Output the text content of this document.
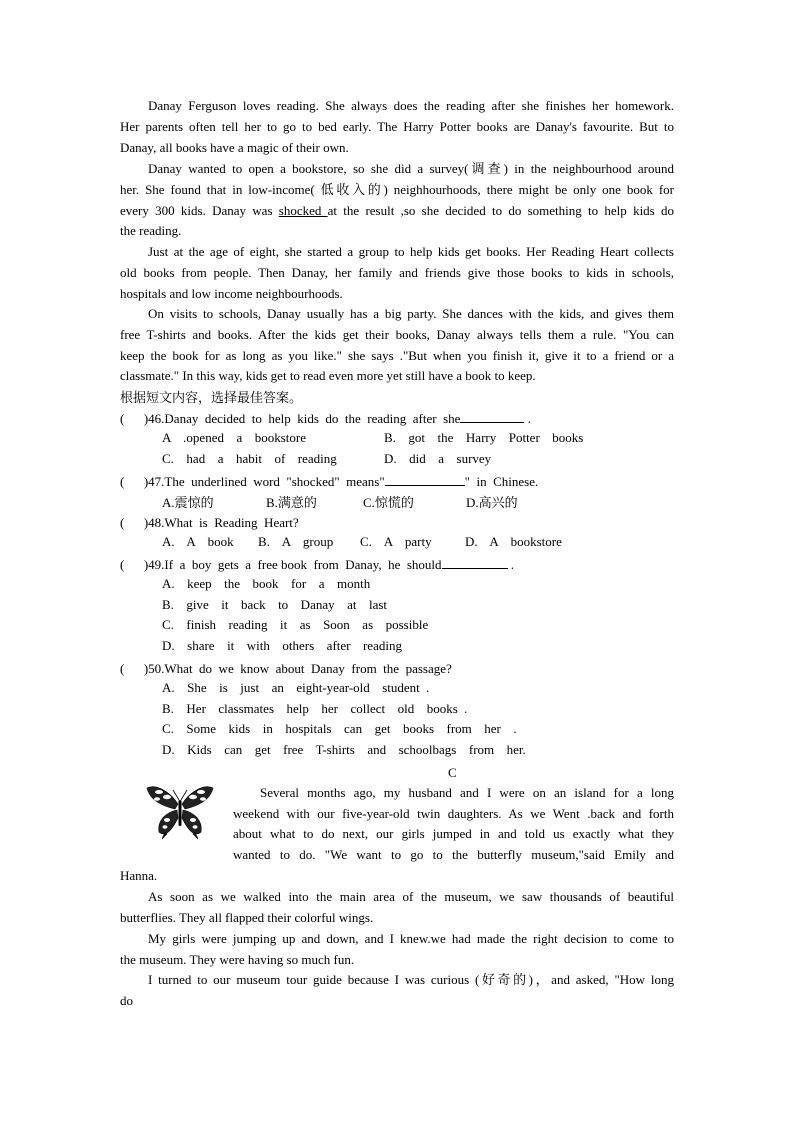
Danay Ferguson loves reading. She always does the reading after she finishes her homework.
Her parents often tell her to go to bed early. The Harry Potter books are Danay's favourite. But to
Danay, all books have a magic of their own.
Danay wanted to open a bookstore, so she did a survey(调查) in the neighbourhood around
her. She found that in low-income( 低收入的) neighhourhoods, there might be only one book for
every 300 kids. Danay was shocked at the result ,so she decided to do something to help kids do
the reading.
Just at the age of eight, she started a group to help kids get books. Her Reading Heart collects
old books from people. Then Danay, her family and friends give those books to kids in schools,
hospitals and low income neighbourhoods.
On visits to schools, Danay usually has a big party. She dances with the kids, and gives them
free T-shirts and books. After the kids get their books, Danay always tells them a rule. "You can
keep the book for as long as you like." she says ."But when you finish it, give it to a friend or a
classmate." In this way, kids get to read even more yet still have a book to keep.
根据短文内容，选择最佳答案。
(      )46.Danay  decided  to  help  kids  do  the  reading  after  she	.
A  .opened  a  bookstore	B.  got  the  Harry  Potter  books
C.  had  a  habit  of  reading	D.  did  a  survey
(      )47.The  underlined  word  "shocked"  means"	"  in  Chinese.
A.震惊的	B.满意的	C.惊慌的	D.高兴的
(      )48.What  is  Reading  Heart?
A.  A  book B.  A  group C.  A  party	D.  A  bookstore
(      )49.If  a  boy  gets  a  free book  from  Danay,  he  should	.
A.  keep  the  book  for  a  month
B.  give  it  back  to  Danay  at  last
C.  finish  reading  it  as  Soon  as  possible
D.  share  it  with  others  after  reading
(      )50.What  do  we  know  about  Danay  from  the  passage?
A.  She  is  just  an  eight-year-old  student .
B.  Her  classmates  help  her  collect  old  books .
C.  Some  kids  in  hospitals  can  get  books  from  her  .
D.  Kids  can  get  free  T-shirts  and  schoolbags  from  her.
C
Several months ago, my husband and I were on an island for a long
weekend with our five-year-old twin daughters. As we Went .back and forth
about what to do next, our girls jumped in and told us exactly what they
wanted to do. "We want to go to the butterfly museum,"said Emily and
Hanna.
As soon as we walked into the main area of the museum, we saw thousands of beautiful
butterflies. They all flapped their colorful wings.
My girls were jumping up and down, and I knew.we had made the right decision to come to
the museum. They were having so much fun.
I turned to our museum tour guide because I was curious (好奇的)，and asked, "How long
do
